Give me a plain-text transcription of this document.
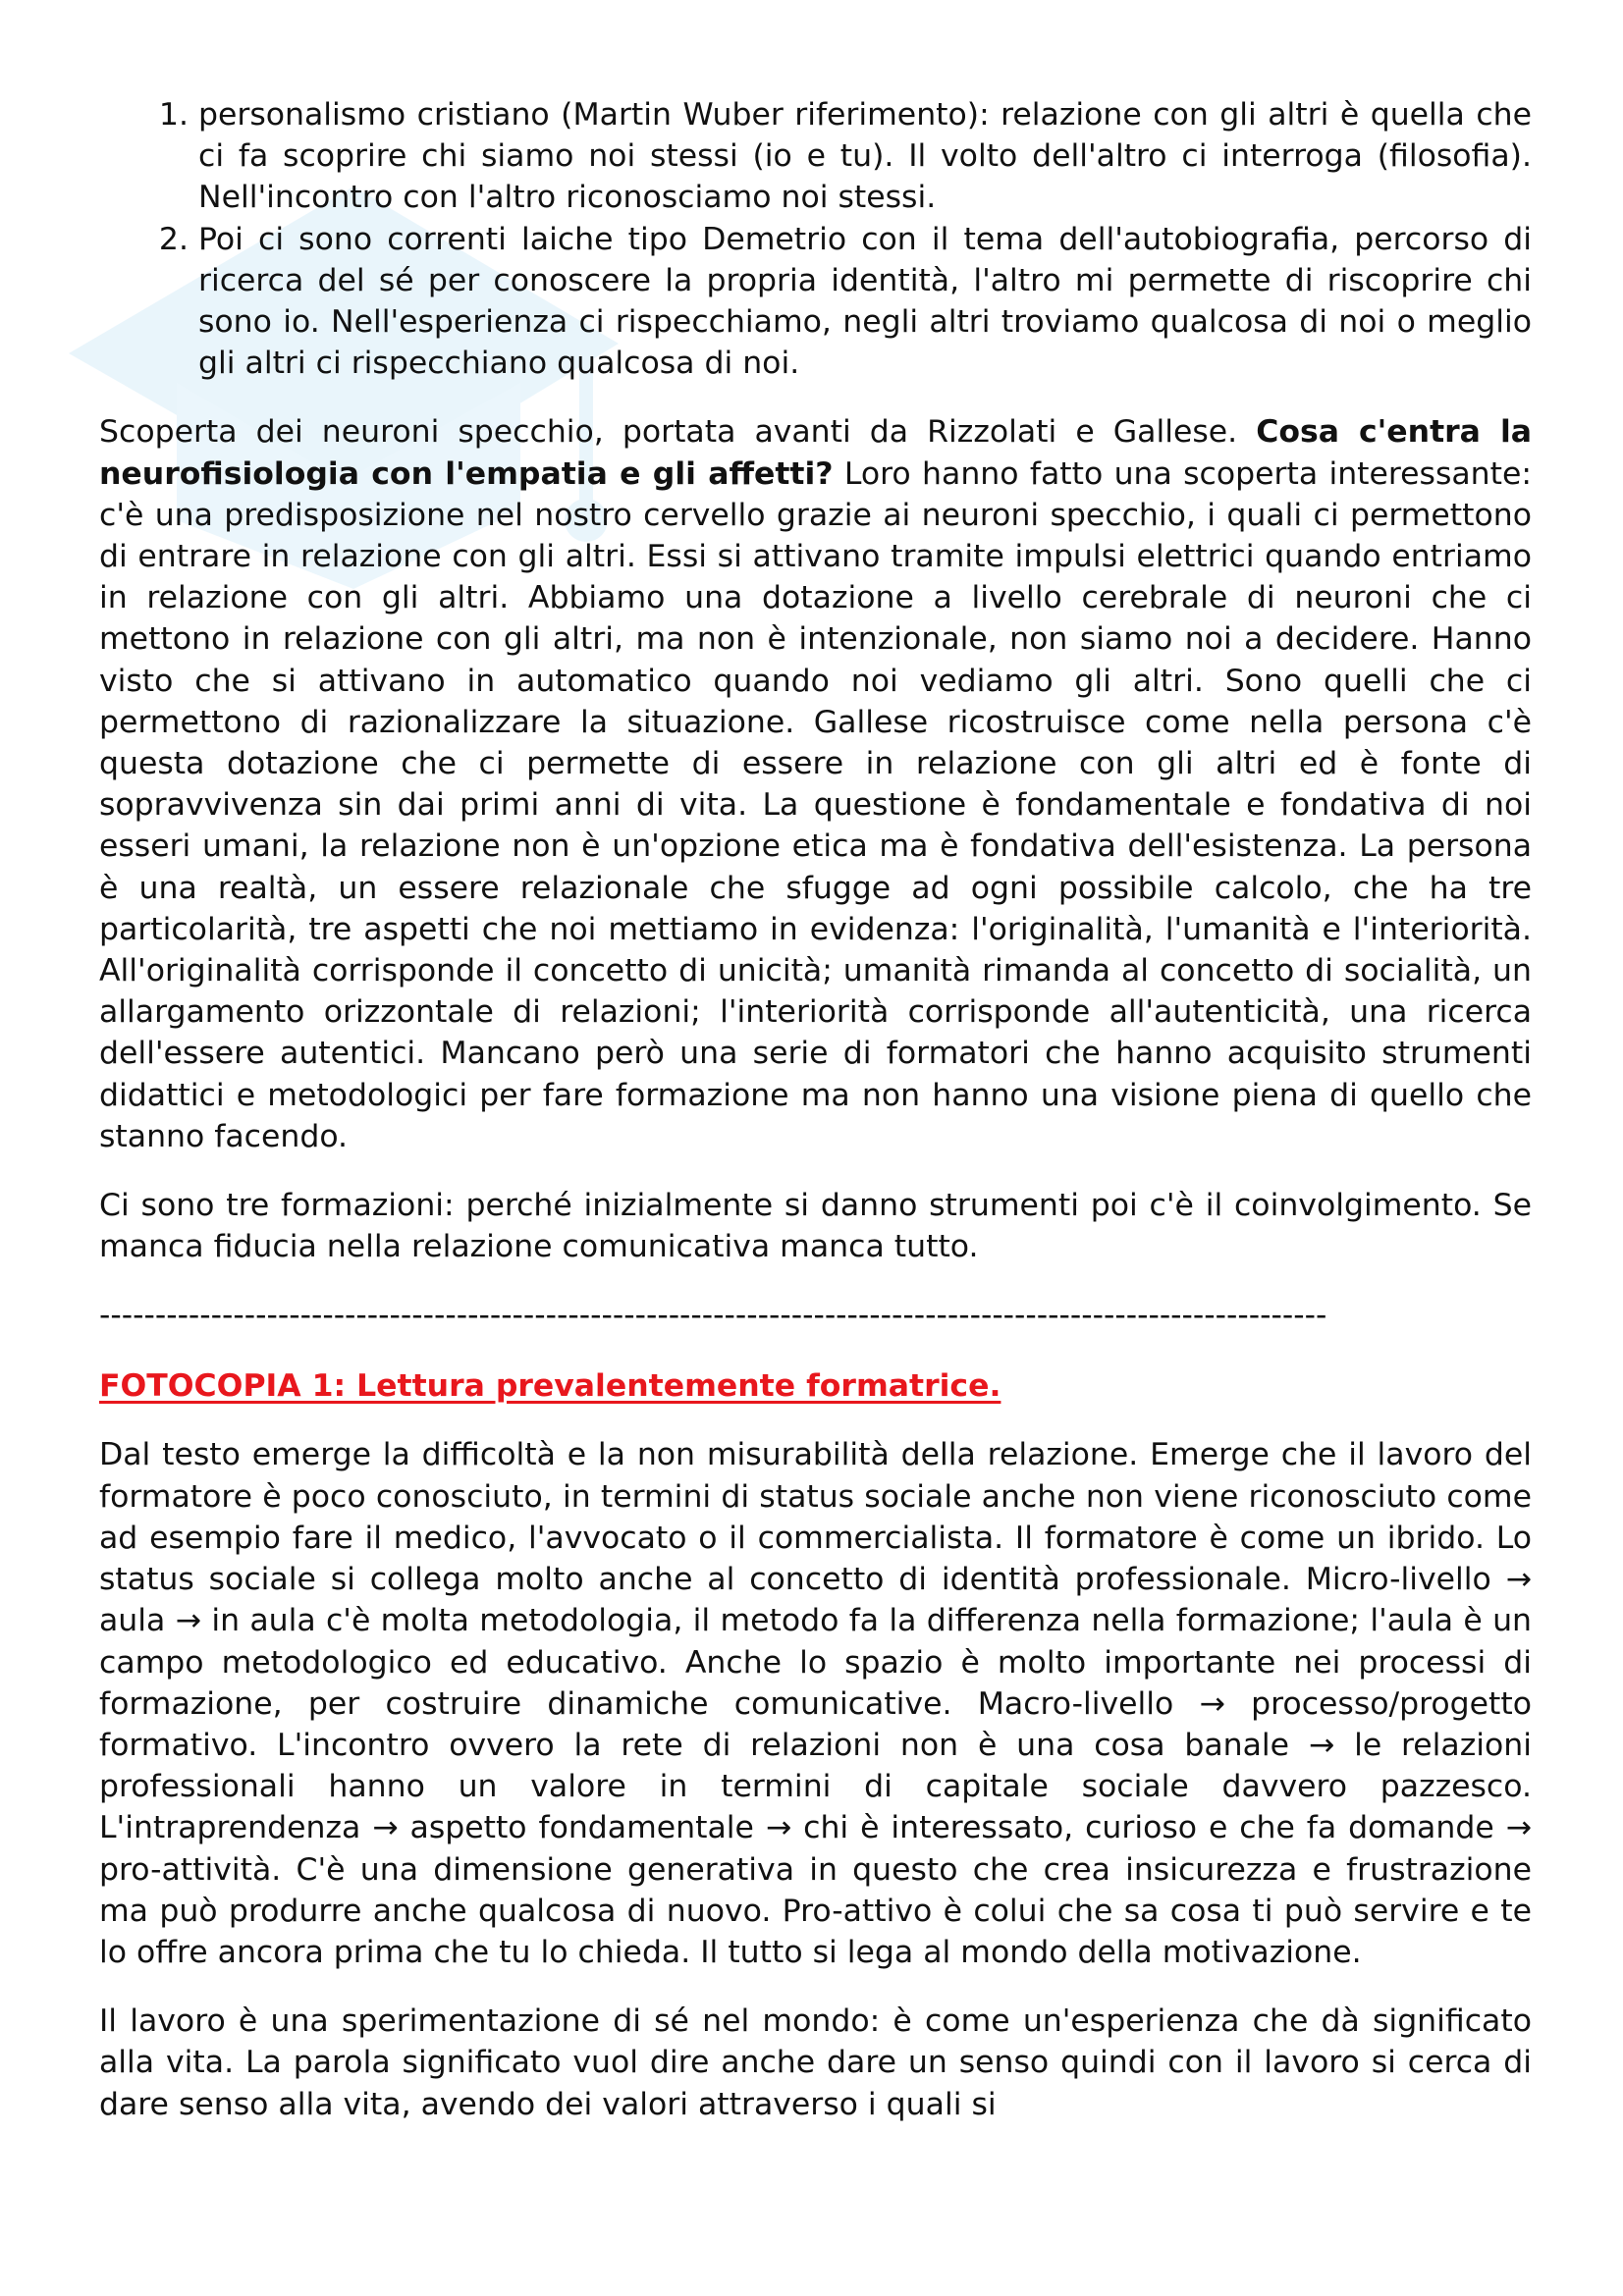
1. personalismo cristiano (Martin Wuber riferimento): relazione con gli altri è quella che ci fa scoprire chi siamo noi stessi (io e tu). Il volto dell'altro ci interroga (filosofia). Nell'incontro con l'altro riconosciamo noi stessi.
2. Poi ci sono correnti laiche tipo Demetrio con il tema dell'autobiografia, percorso di ricerca del sé per conoscere la propria identità, l'altro mi permette di riscoprire chi sono io. Nell'esperienza ci rispecchiamo, negli altri troviamo qualcosa di noi o meglio gli altri ci rispecchiano qualcosa di noi.

Scoperta dei neuroni specchio, portata avanti da Rizzolati e Gallese. Cosa c'entra la neurofisiologia con l'empatia e gli affetti? Loro hanno fatto una scoperta interessante: c'è una predisposizione nel nostro cervello grazie ai neuroni specchio, i quali ci permettono di entrare in relazione con gli altri. Essi si attivano tramite impulsi elettrici quando entriamo in relazione con gli altri. Abbiamo una dotazione a livello cerebrale di neuroni che ci mettono in relazione con gli altri, ma non è intenzionale, non siamo noi a decidere. Hanno visto che si attivano in automatico quando noi vediamo gli altri. Sono quelli che ci permettono di razionalizzare la situazione. Gallese ricostruisce come nella persona c'è questa dotazione che ci permette di essere in relazione con gli altri ed è fonte di sopravvivenza sin dai primi anni di vita. La questione è fondamentale e fondativa di noi esseri umani, la relazione non è un'opzione etica ma è fondativa dell'esistenza. La persona è una realtà, un essere relazionale che sfugge ad ogni possibile calcolo, che ha tre particolarità, tre aspetti che noi mettiamo in evidenza: l'originalità, l'umanità e l'interiorità. All'originalità corrisponde il concetto di unicità; umanità rimanda al concetto di socialità, un allargamento orizzontale di relazioni; l'interiorità corrisponde all'autenticità, una ricerca dell'essere autentici. Mancano però una serie di formatori che hanno acquisito strumenti didattici e metodologici per fare formazione ma non hanno una visione piena di quello che stanno facendo.

Ci sono tre formazioni: perché inizialmente si danno strumenti poi c'è il coinvolgimento. Se manca fiducia nella relazione comunicativa manca tutto.

--------------------------------------------------------------------------------------------------------------
FOTOCOPIA 1: Lettura prevalentemente formatrice.

Dal testo emerge la difficoltà e la non misurabilità della relazione. Emerge che il lavoro del formatore è poco conosciuto, in termini di status sociale anche non viene riconosciuto come ad esempio fare il medico, l'avvocato o il commercialista. Il formatore è come un ibrido. Lo status sociale si collega molto anche al concetto di identità professionale. Micro-livello → aula → in aula c'è molta metodologia, il metodo fa la differenza nella formazione; l'aula è un campo metodologico ed educativo. Anche lo spazio è molto importante nei processi di formazione, per costruire dinamiche comunicative. Macro-livello → processo/progetto formativo. L'incontro ovvero la rete di relazioni non è una cosa banale → le relazioni professionali hanno un valore in termini di capitale sociale davvero pazzesco. L'intraprendenza → aspetto fondamentale → chi è interessato, curioso e che fa domande → pro-attività. C'è una dimensione generativa in questo che crea insicurezza e frustrazione ma può produrre anche qualcosa di nuovo. Pro-attivo è colui che sa cosa ti può servire e te lo offre ancora prima che tu lo chieda. Il tutto si lega al mondo della motivazione.

Il lavoro è una sperimentazione di sé nel mondo: è come un'esperienza che dà significato alla vita. La parola significato vuol dire anche dare un senso quindi con il lavoro si cerca di dare senso alla vita, avendo dei valori attraverso i quali si
